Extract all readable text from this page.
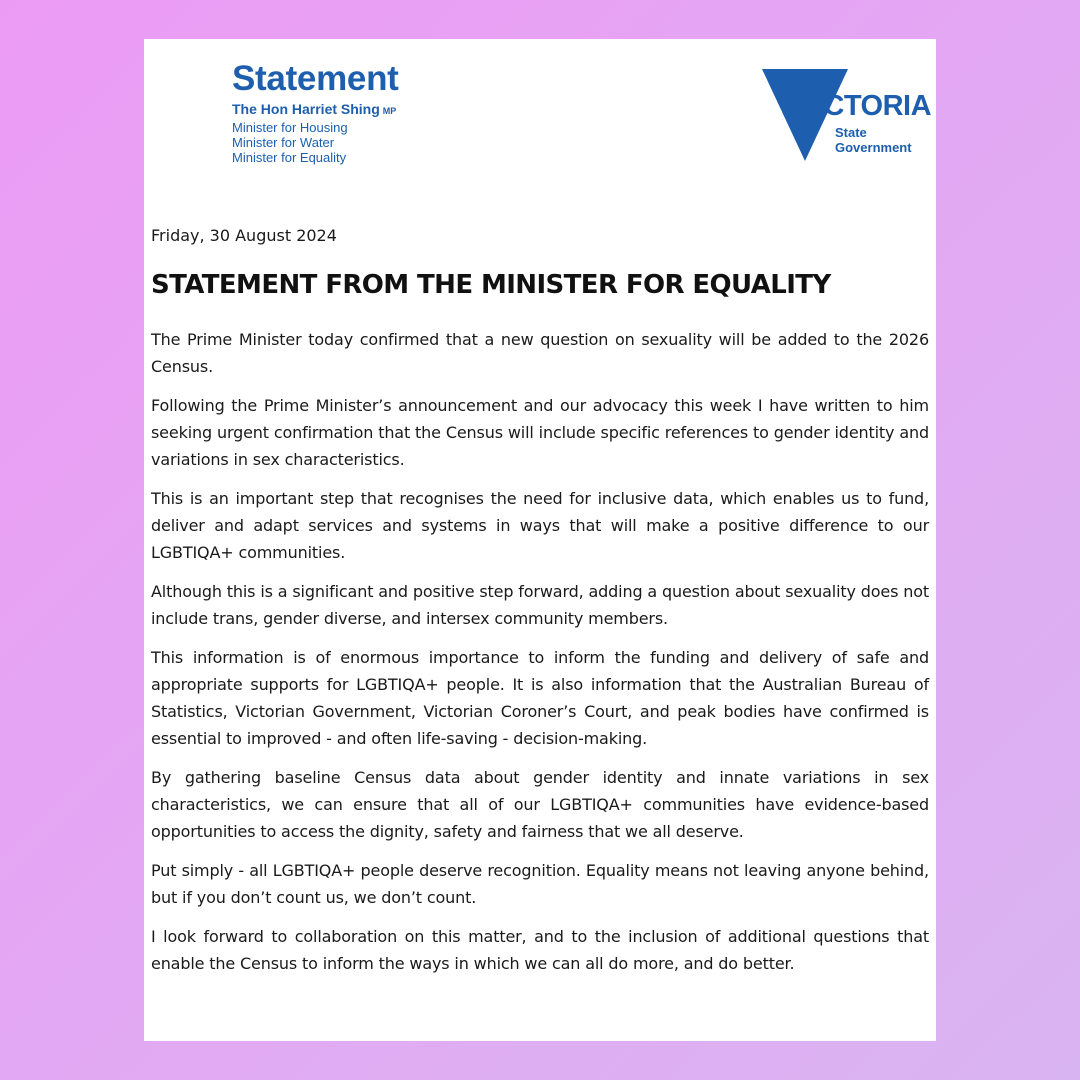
Statement
The Hon Harriet Shing MP
Minister for Housing
Minister for Water
Minister for Equality
VICTORIA
State
Government
Friday, 30 August 2024
STATEMENT FROM THE MINISTER FOR EQUALITY

The Prime Minister today confirmed that a new question on sexuality will be added to the 2026 Census.

Following the Prime Minister’s announcement and our advocacy this week I have written to him seeking urgent confirmation that the Census will include specific references to gender identity and variations in sex characteristics.

This is an important step that recognises the need for inclusive data, which enables us to fund, deliver and adapt services and systems in ways that will make a positive difference to our LGBTIQA+ communities.

Although this is a significant and positive step forward, adding a question about sexuality does not include trans, gender diverse, and intersex community members.

This information is of enormous importance to inform the funding and delivery of safe and appropriate supports for LGBTIQA+ people. It is also information that the Australian Bureau of Statistics, Victorian Government, Victorian Coroner’s Court, and peak bodies have confirmed is essential to improved - and often life-saving - decision-making.

By gathering baseline Census data about gender identity and innate variations in sex characteristics, we can ensure that all of our LGBTIQA+ communities have evidence-based opportunities to access the dignity, safety and fairness that we all deserve.

Put simply - all LGBTIQA+ people deserve recognition. Equality means not leaving anyone behind, but if you don’t count us, we don’t count.

I look forward to collaboration on this matter, and to the inclusion of additional questions that enable the Census to inform the ways in which we can all do more, and do better.
